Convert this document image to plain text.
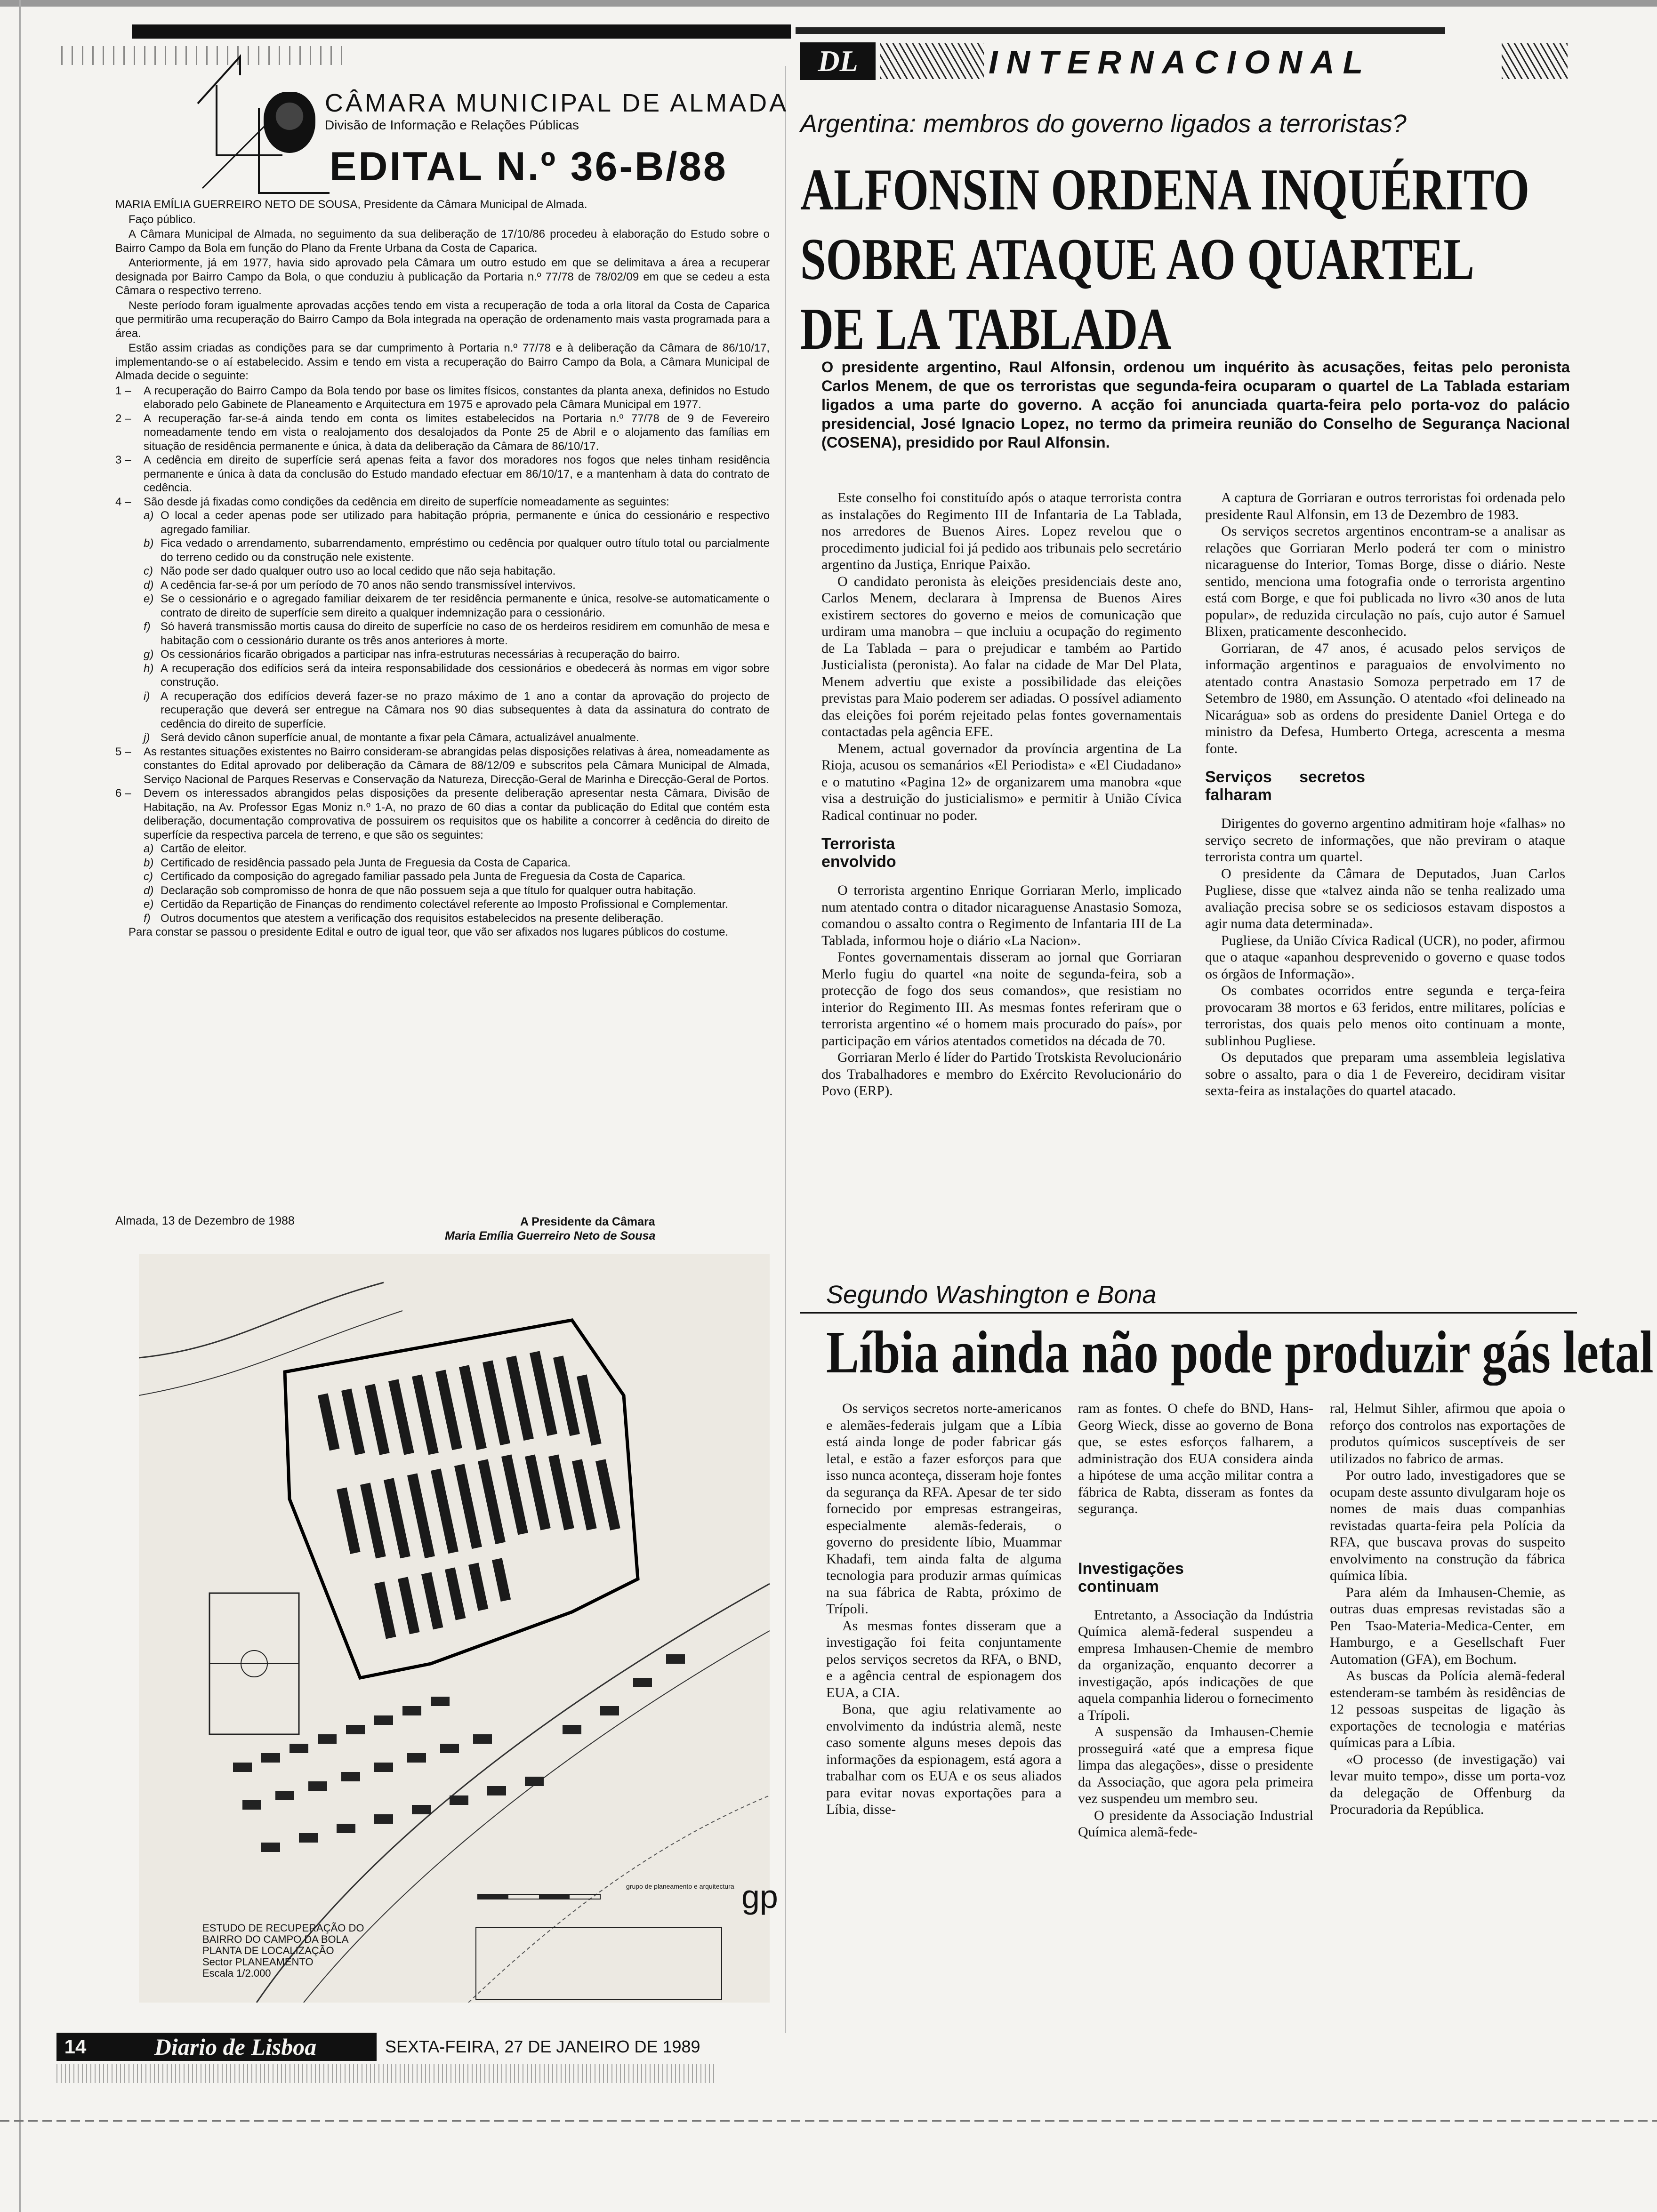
CÂMARA MUNICIPAL DE ALMADA
Divisão de Informação e Relações Públicas
EDITAL N.º 36-B/88

MARIA EMÍLIA GUERREIRO NETO DE SOUSA, Presidente da Câmara Municipal de Almada.

Faço público.

A Câmara Municipal de Almada, no seguimento da sua deliberação de 17/10/86 procedeu à elaboração do Estudo sobre o Bairro Campo da Bola em função do Plano da Frente Urbana da Costa de Caparica.

Anteriormente, já em 1977, havia sido aprovado pela Câmara um outro estudo em que se delimitava a área a recuperar designada por Bairro Campo da Bola, o que conduziu à publicação da Portaria n.º 77/78 de 78/02/09 em que se cedeu a esta Câmara o respectivo terreno.

Neste período foram igualmente aprovadas acções tendo em vista a recuperação de toda a orla litoral da Costa de Caparica que permitirão uma recuperação do Bairro Campo da Bola integrada na operação de ordenamento mais vasta programada para a área.

Estão assim criadas as condições para se dar cumprimento à Portaria n.º 77/78 e à deliberação da Câmara de 86/10/17, implementando-se o aí estabelecido. Assim e tendo em vista a recuperação do Bairro Campo da Bola, a Câmara Municipal de Almada decide o seguinte:

1 –	A recuperação do Bairro Campo da Bola tendo por base os limites físicos, constantes da planta anexa, definidos no Estudo elaborado pelo Gabinete de Planeamento e Arquitectura em 1975 e aprovado pela Câmara Municipal em 1977.
2 –	A recuperação far-se-á ainda tendo em conta os limites estabelecidos na Portaria n.º 77/78 de 9 de Fevereiro nomeadamente tendo em vista o realojamento dos desalojados da Ponte 25 de Abril e o alojamento das famílias em situação de residência permanente e única, à data da deliberação da Câmara de 86/10/17.
3 –	A cedência em direito de superfície será apenas feita a favor dos moradores nos fogos que neles tinham residência permanente e única à data da conclusão do Estudo mandado efectuar em 86/10/17, e a mantenham à data do contrato de cedência.
4 –	São desde já fixadas como condições da cedência em direito de superfície nomeadamente as seguintes:
a) O local a ceder apenas pode ser utilizado para habitação própria, permanente e única do cessionário e respectivo agregado familiar.
b) Fica vedado o arrendamento, subarrendamento, empréstimo ou cedência por qualquer outro título total ou parcialmente do terreno cedido ou da construção nele existente.
c) Não pode ser dado qualquer outro uso ao local cedido que não seja habitação.
d) A cedência far-se-á por um período de 70 anos não sendo transmissível intervivos.
e) Se o cessionário e o agregado familiar deixarem de ter residência permanente e única, resolve-se automaticamente o contrato de direito de superfície sem direito a qualquer indemnização para o cessionário.
f) Só haverá transmissão mortis causa do direito de superfície no caso de os herdeiros residirem em comunhão de mesa e habitação com o cessionário durante os três anos anteriores à morte.
g) Os cessionários ficarão obrigados a participar nas infra-estruturas necessárias à recuperação do bairro.
h) A recuperação dos edifícios será da inteira responsabilidade dos cessionários e obedecerá às normas em vigor sobre construção.
i) A recuperação dos edifícios deverá fazer-se no prazo máximo de 1 ano a contar da aprovação do projecto de recuperação que deverá ser entregue na Câmara nos 90 dias subsequentes à data da assinatura do contrato de cedência do direito de superfície.
j) Será devido cânon superfície anual, de montante a fixar pela Câmara, actualizável anualmente.
5 –	As restantes situações existentes no Bairro consideram-se abrangidas pelas disposições relativas à área, nomeadamente as constantes do Edital aprovado por deliberação da Câmara de 88/12/09 e subscritos pela Câmara Municipal de Almada, Serviço Nacional de Parques Reservas e Conservação da Natureza, Direcção-Geral de Marinha e Direcção-Geral de Portos.
6 –	Devem os interessados abrangidos pelas disposições da presente deliberação apresentar nesta Câmara, Divisão de Habitação, na Av. Professor Egas Moniz n.º 1-A, no prazo de 60 dias a contar da publicação do Edital que contém esta deliberação, documentação comprovativa de possuirem os requisitos que os habilite a concorrer à cedência do direito de superfície da respectiva parcela de terreno, e que são os seguintes:
a) Cartão de eleitor.
b) Certificado de residência passado pela Junta de Freguesia da Costa de Caparica.
c) Certificado da composição do agregado familiar passado pela Junta de Freguesia da Costa de Caparica.
d) Declaração sob compromisso de honra de que não possuem seja a que título for qualquer outra habitação.
e) Certidão da Repartição de Finanças do rendimento colectável referente ao Imposto Profissional e Complementar.
f) Outros documentos que atestem a verificação dos requisitos estabelecidos na presente deliberação.

Para constar se passou o presidente Edital e outro de igual teor, que vão ser afixados nos lugares públicos do costume.

Almada, 13 de Dezembro de 1988	A Presidente da Câmara
Maria Emília Guerreiro Neto de Sousa
grupo de planeamento e arquitectura gp
ESTUDO DE RECUPERAÇÃO DO
BAIRRO DO CAMPO DA BOLA
PLANTA DE LOCALIZAÇÃO
Sector PLANEAMENTO
Escala 1/2.000
DL	INTERNACIONAL
Argentina: membros do governo ligados a terroristas?
ALFONSIN ORDENA INQUÉRITO
SOBRE ATAQUE AO QUARTEL
DE LA TABLADA
O presidente argentino, Raul Alfonsin, ordenou um inquérito às acusações, feitas pelo peronista Carlos Menem, de que os terroristas que segunda-feira ocuparam o quartel de La Tablada estariam ligados a uma parte do governo. A acção foi anunciada quarta-feira pelo porta-voz do palácio presidencial, José Ignacio Lopez, no termo da primeira reunião do Conselho de Segurança Nacional (COSENA), presidido por Raul Alfonsin.

Este conselho foi constituído após o ataque terrorista contra as instalações do Regimento III de Infantaria de La Tablada, nos arredores de Buenos Aires. Lopez revelou que o procedimento judicial foi já pedido aos tribunais pelo secretário argentino da Justiça, Enrique Paixão.

O candidato peronista às eleições presidenciais deste ano, Carlos Menem, declarara à Imprensa de Buenos Aires existirem sectores do governo e meios de comunicação que urdiram uma manobra – que incluiu a ocupação do regimento de La Tablada – para o prejudicar e também ao Partido Justicialista (peronista). Ao falar na cidade de Mar Del Plata, Menem advertiu que existe a possibilidade das eleições previstas para Maio poderem ser adiadas. O possível adiamento das eleições foi porém rejeitado pelas fontes governamentais contactadas pela agência EFE.

Menem, actual governador da província argentina de La Rioja, acusou os semanários «El Periodista» e «El Ciudadano» e o matutino «Pagina 12» de organizarem uma manobra «que visa a destruição do justicialismo» e permitir à União Cívica Radical continuar no poder.

Terrorista envolvido

O terrorista argentino Enrique Gorriaran Merlo, implicado num atentado contra o ditador nicaraguense Anastasio Somoza, comandou o assalto contra o Regimento de Infantaria III de La Tablada, informou hoje o diário «La Nacion».

Fontes governamentais disseram ao jornal que Gorriaran Merlo fugiu do quartel «na noite de segunda-feira, sob a protecção de fogo dos seus comandos», que resistiam no interior do Regimento III. As mesmas fontes referiram que o terrorista argentino «é o homem mais procurado do país», por participação em vários atentados cometidos na década de 70.

Gorriaran Merlo é líder do Partido Trotskista Revolucionário dos Trabalhadores e membro do Exército Revolucionário do Povo (ERP).

A captura de Gorriaran e outros terroristas foi ordenada pelo presidente Raul Alfonsin, em 13 de Dezembro de 1983.

Os serviços secretos argentinos encontram-se a analisar as relações que Gorriaran Merlo poderá ter com o ministro nicaraguense do Interior, Tomas Borge, disse o diário. Neste sentido, menciona uma fotografia onde o terrorista argentino está com Borge, e que foi publicada no livro «30 anos de luta popular», de reduzida circulação no país, cujo autor é Samuel Blixen, praticamente desconhecido.

Gorriaran, de 47 anos, é acusado pelos serviços de informação argentinos e paraguaios de envolvimento no atentado contra Anastasio Somoza perpetrado em 17 de Setembro de 1980, em Assunção. O atentado «foi delineado na Nicarágua» sob as ordens do presidente Daniel Ortega e do ministro da Defesa, Humberto Ortega, acrescenta a mesma fonte.

Serviços secretos falharam

Dirigentes do governo argentino admitiram hoje «falhas» no serviço secreto de informações, que não previram o ataque terrorista contra um quartel.

O presidente da Câmara de Deputados, Juan Carlos Pugliese, disse que «talvez ainda não se tenha realizado uma avaliação precisa sobre se os sediciosos estavam dispostos a agir numa data determinada».

Pugliese, da União Cívica Radical (UCR), no poder, afirmou que o ataque «apanhou desprevenido o governo e quase todos os órgãos de Informação».

Os combates ocorridos entre segunda e terça-feira provocaram 38 mortos e 63 feridos, entre militares, polícias e terroristas, dos quais pelo menos oito continuam a monte, sublinhou Pugliese.

Os deputados que preparam uma assembleia legislativa sobre o assalto, para o dia 1 de Fevereiro, decidiram visitar sexta-feira as instalações do quartel atacado.

Segundo Washington e Bona
Líbia ainda não pode produzir gás letal

Os serviços secretos norte-americanos e alemães-federais julgam que a Líbia está ainda longe de poder fabricar gás letal, e estão a fazer esforços para que isso nunca aconteça, disseram hoje fontes da segurança da RFA. Apesar de ter sido fornecido por empresas estrangeiras, especialmente alemãs-federais, o governo do presidente líbio, Muammar Khadafi, tem ainda falta de alguma tecnologia para produzir armas químicas na sua fábrica de Rabta, próximo de Trípoli.

As mesmas fontes disseram que a investigação foi feita conjuntamente pelos serviços secretos da RFA, o BND, e a agência central de espionagem dos EUA, a CIA.

Bona, que agiu relativamente ao envolvimento da indústria alemã, neste caso somente alguns meses depois das informações da espionagem, está agora a trabalhar com os EUA e os seus aliados para evitar novas exportações para a Líbia, disse-

ram as fontes. O chefe do BND, Hans-Georg Wieck, disse ao governo de Bona que, se estes esforços falharem, a administração dos EUA considera ainda a hipótese de uma acção militar contra a fábrica de Rabta, disseram as fontes da segurança.

Investigações continuam

Entretanto, a Associação da Indústria Química alemã-federal suspendeu a empresa Imhausen-Chemie de membro da organização, enquanto decorrer a investigação, após indicações de que aquela companhia liderou o fornecimento a Trípoli.

A suspensão da Imhausen-Chemie prosseguirá «até que a empresa fique limpa das alegações», disse o presidente da Associação, que agora pela primeira vez suspendeu um membro seu.

O presidente da Associação Industrial Química alemã-fede-

ral, Helmut Sihler, afirmou que apoia o reforço dos controlos nas exportações de produtos químicos susceptíveis de ser utilizados no fabrico de armas.

Por outro lado, investigadores que se ocupam deste assunto divulgaram hoje os nomes de mais duas companhias revistadas quarta-feira pela Polícia da RFA, que buscava provas do suspeito envolvimento na construção da fábrica química líbia.

Para além da Imhausen-Chemie, as outras duas empresas revistadas são a Pen Tsao-Materia-Medica-Center, em Hamburgo, e a Gesellschaft Fuer Automation (GFA), em Bochum.

As buscas da Polícia alemã-federal estenderam-se também às residências de 12 pessoas suspeitas de ligação às exportações de tecnologia e matérias químicas para a Líbia.

«O processo (de investigação) vai levar muito tempo», disse um porta-voz da delegação de Offenburg da Procuradoria da República.

14	Diario de Lisboa	SEXTA-FEIRA, 27 DE JANEIRO DE 1989
